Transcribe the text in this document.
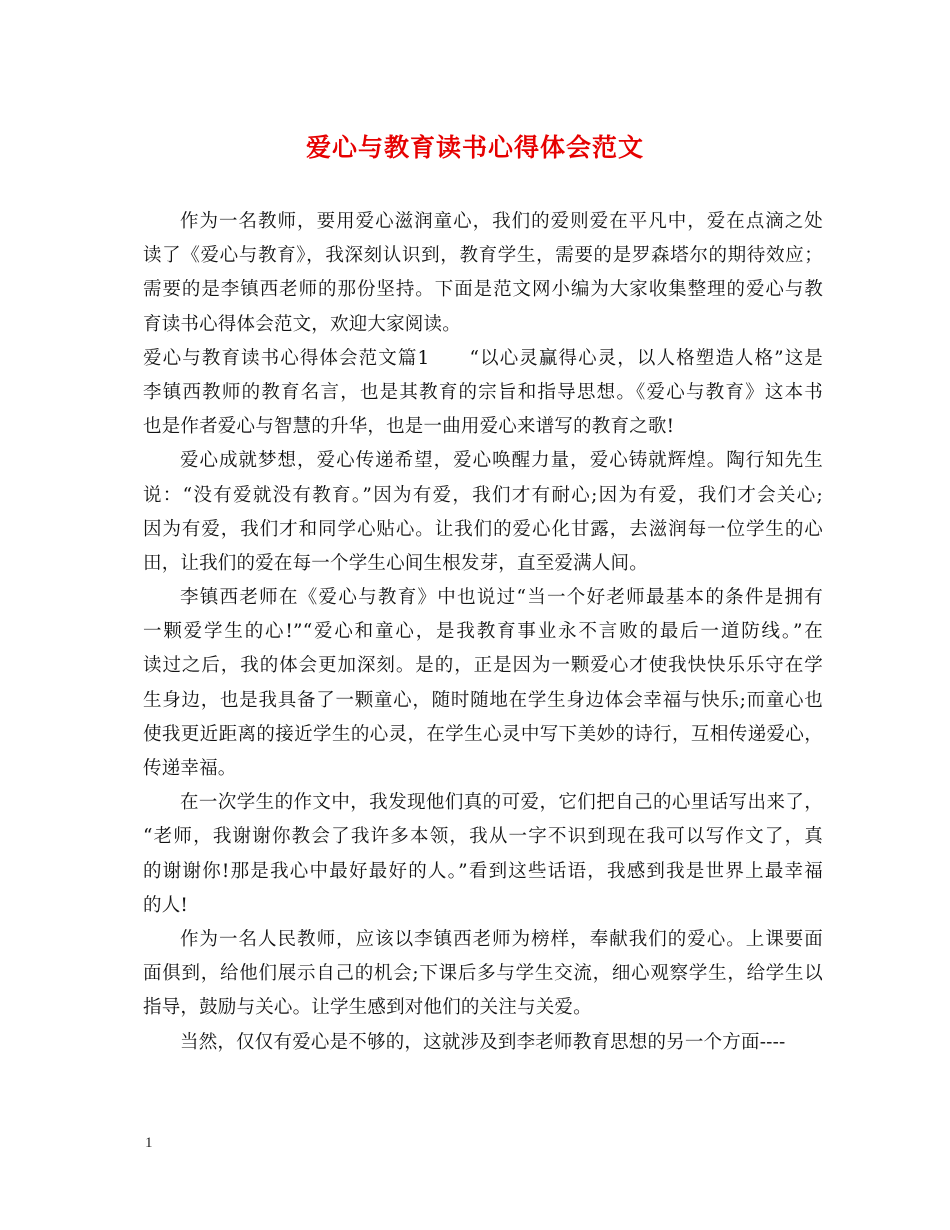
爱心与教育读书心得体会范文
作为一名教师，要用爱心滋润童心，我们的爱则爱在平凡中，爱在点滴之处
读了《爱心与教育》，我深刻认识到，教育学生，需要的是罗森塔尔的期待效应；
需要的是李镇西老师的那份坚持。下面是范文网小编为大家收集整理的爱心与教
育读书心得体会范文，欢迎大家阅读。
爱心与教育读书心得体会范文篇1　　“以心灵赢得心灵，以人格塑造人格”这是
李镇西教师的教育名言，也是其教育的宗旨和指导思想。《爱心与教育》这本书
也是作者爱心与智慧的升华，也是一曲用爱心来谱写的教育之歌!
爱心成就梦想，爱心传递希望，爱心唤醒力量，爱心铸就辉煌。陶行知先生
说：“没有爱就没有教育。”因为有爱，我们才有耐心;因为有爱，我们才会关心;
因为有爱，我们才和同学心贴心。让我们的爱心化甘露，去滋润每一位学生的心
田，让我们的爱在每一个学生心间生根发芽，直至爱满人间。
李镇西老师在《爱心与教育》中也说过“当一个好老师最基本的条件是拥有
一颗爱学生的心!”“爱心和童心，是我教育事业永不言败的最后一道防线。”在
读过之后，我的体会更加深刻。是的，正是因为一颗爱心才使我快快乐乐守在学
生身边，也是我具备了一颗童心，随时随地在学生身边体会幸福与快乐;而童心也
使我更近距离的接近学生的心灵，在学生心灵中写下美妙的诗行，互相传递爱心，
传递幸福。
在一次学生的作文中，我发现他们真的可爱，它们把自己的心里话写出来了，
“老师，我谢谢你教会了我许多本领，我从一字不识到现在我可以写作文了，真
的谢谢你!那是我心中最好最好的人。”看到这些话语，我感到我是世界上最幸福
的人!
作为一名人民教师，应该以李镇西老师为榜样，奉献我们的爱心。上课要面
面俱到，给他们展示自己的机会;下课后多与学生交流，细心观察学生，给学生以
指导，鼓励与关心。让学生感到对他们的关注与关爱。
当然，仅仅有爱心是不够的，这就涉及到李老师教育思想的另一个方面----
1
